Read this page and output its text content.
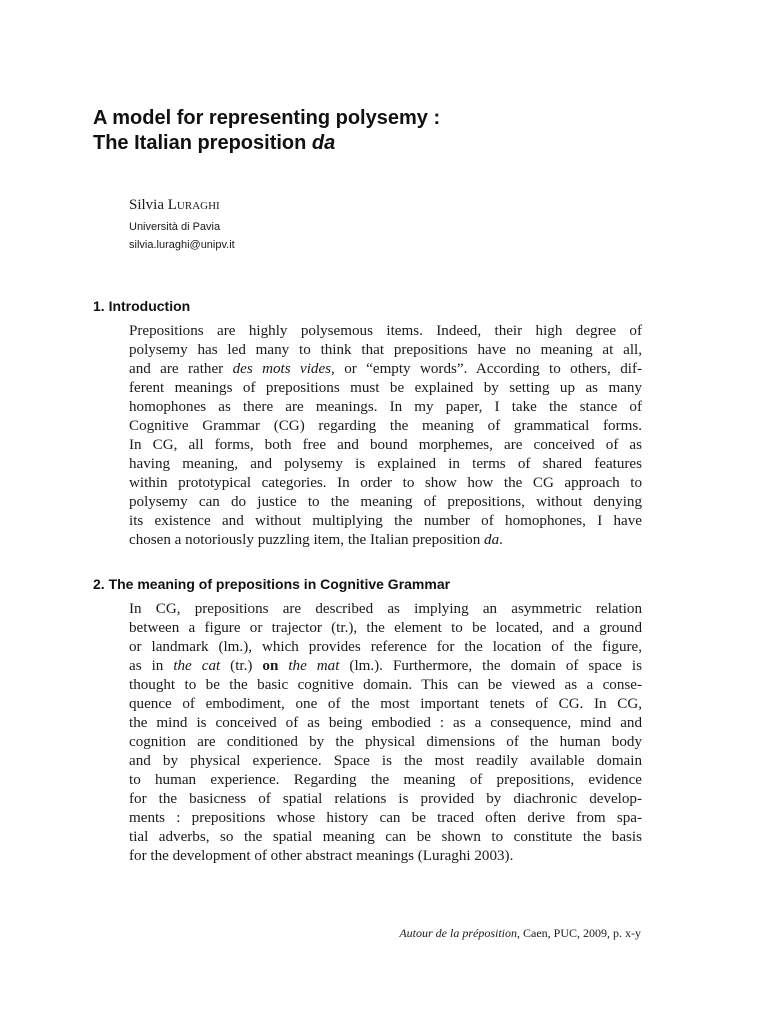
A model for representing polysemy :
The Italian preposition da
Silvia Luraghi
Università di Pavia
silvia.luraghi@unipv.it
1. Introduction
Prepositions are highly polysemous items. Indeed, their high degree of
polysemy has led many to think that prepositions have no meaning at all,
and are rather des mots vides, or “empty words”. According to others, dif-
ferent meanings of prepositions must be explained by setting up as many
homophones as there are meanings. In my paper, I take the stance of
Cognitive Grammar (CG) regarding the meaning of grammatical forms.
In CG, all forms, both free and bound morphemes, are conceived of as
having meaning, and polysemy is explained in terms of shared features
within prototypical categories. In order to show how the CG approach to
polysemy can do justice to the meaning of prepositions, without denying
its existence and without multiplying the number of homophones, I have
chosen a notoriously puzzling item, the Italian preposition da.
2. The meaning of prepositions in Cognitive Grammar
In CG, prepositions are described as implying an asymmetric relation
between a figure or trajector (tr.), the element to be located, and a ground
or landmark (lm.), which provides reference for the location of the figure,
as in the cat (tr.) on the mat (lm.). Furthermore, the domain of space is
thought to be the basic cognitive domain. This can be viewed as a conse-
quence of embodiment, one of the most important tenets of CG. In CG,
the mind is conceived of as being embodied : as a consequence, mind and
cognition are conditioned by the physical dimensions of the human body
and by physical experience. Space is the most readily available domain
to human experience. Regarding the meaning of prepositions, evidence
for the basicness of spatial relations is provided by diachronic develop-
ments : prepositions whose history can be traced often derive from spa-
tial adverbs, so the spatial meaning can be shown to constitute the basis
for the development of other abstract meanings (Luraghi 2003).
Autour de la préposition, Caen, PUC, 2009, p. x-y
